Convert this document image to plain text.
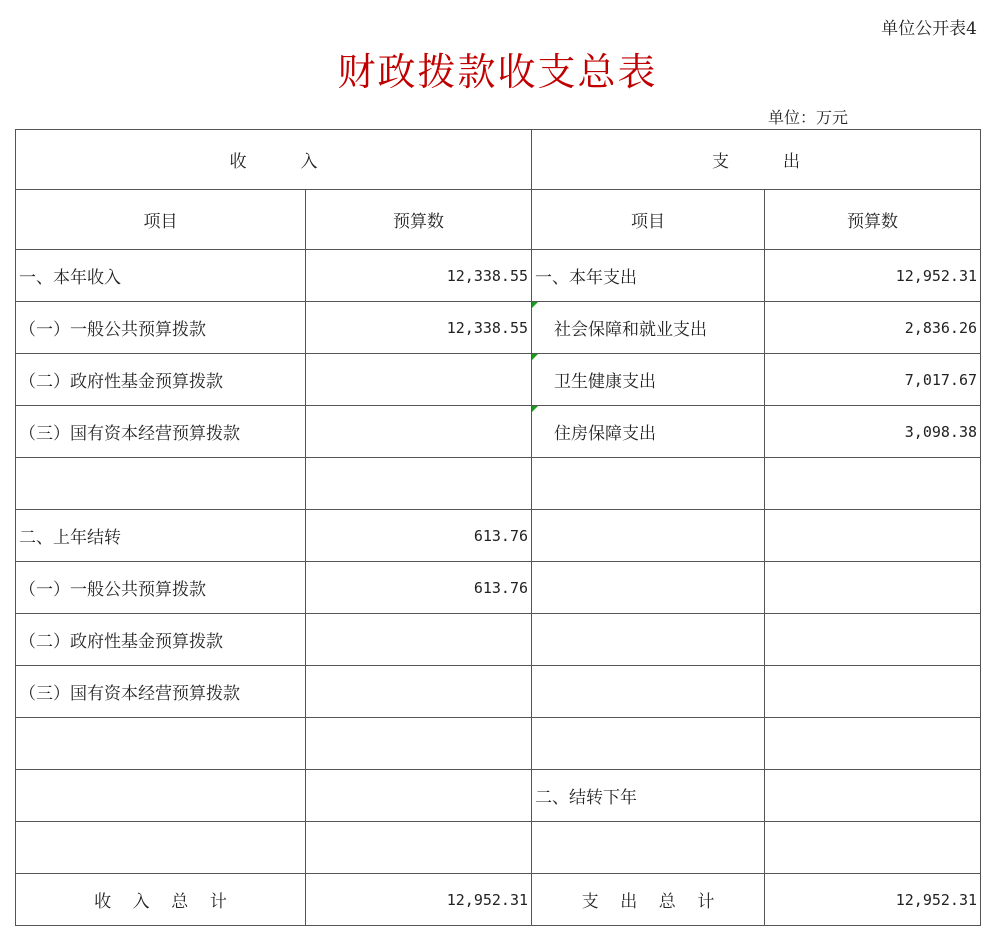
单位公开表4
财政拨款收支总表
单位：万元
收          入		支          出	
项目	预算数	项目	预算数
一、本年收入	12,338.55	一、本年支出	12,952.31
（一）一般公共预算拨款	12,338.55	社会保障和就业支出	2,836.26
（二）政府性基金预算拨款		卫生健康支出	7,017.67
（三）国有资本经营预算拨款		住房保障支出	3,098.38

二、上年结转	613.76		
（一）一般公共预算拨款	613.76		
（二）政府性基金预算拨款			
（三）国有资本经营预算拨款			

		二、结转下年	

收    入    总    计	12,952.31	支    出    总    计	12,952.31
